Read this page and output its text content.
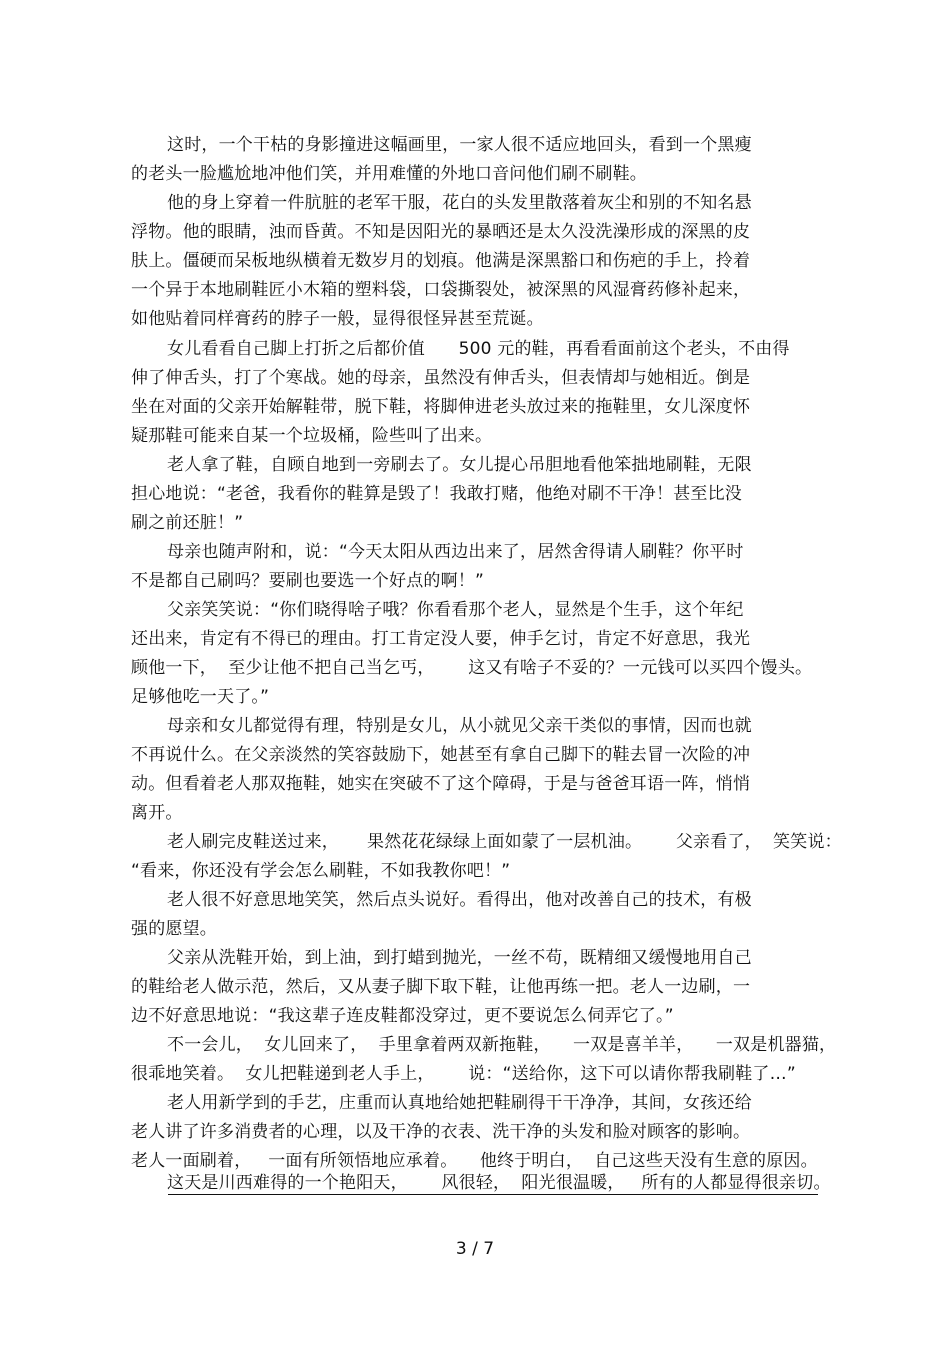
这时，一个干枯的身影撞进这幅画里，一家人很不适应地回头，看到一个黑瘦
的老头一脸尴尬地冲他们笑，并用难懂的外地口音问他们刷不刷鞋。
他的身上穿着一件肮脏的老军干服，花白的头发里散落着灰尘和别的不知名悬
浮物。他的眼睛，浊而昏黄。不知是因阳光的暴晒还是太久没洗澡形成的深黑的皮
肤上。僵硬而呆板地纵横着无数岁月的划痕。他满是深黑豁口和伤疤的手上，拎着
一个异于本地刷鞋匠小木箱的塑料袋，口袋撕裂处，被深黑的风湿膏药修补起来，
如他贴着同样膏药的脖子一般，显得很怪异甚至荒诞。
女儿看看自己脚上打折之后都价值      500 元的鞋，再看看面前这个老头，不由得
伸了伸舌头，打了个寒战。她的母亲，虽然没有伸舌头，但表情却与她相近。倒是
坐在对面的父亲开始解鞋带，脱下鞋，将脚伸进老头放过来的拖鞋里，女儿深度怀
疑那鞋可能来自某一个垃圾桶，险些叫了出来。
老人拿了鞋，自顾自地到一旁刷去了。女儿提心吊胆地看他笨拙地刷鞋，无限
担心地说：“老爸，我看你的鞋算是毁了！我敢打赌，他绝对刷不干净！甚至比没
刷之前还脏！”
母亲也随声附和，说：“今天太阳从西边出来了，居然舍得请人刷鞋？你平时
不是都自己刷吗？要刷也要选一个好点的啊！”
父亲笑笑说：“你们晓得啥子哦？你看看那个老人，显然是个生手，这个年纪
还出来，肯定有不得已的理由。打工肯定没人要，伸手乞讨，肯定不好意思，我光
顾他一下，  至少让他不把自己当乞丐，      这又有啥子不妥的？一元钱可以买四个馒头。
足够他吃一天了。”
母亲和女儿都觉得有理，特别是女儿，从小就见父亲干类似的事情，因而也就
不再说什么。在父亲淡然的笑容鼓励下，她甚至有拿自己脚下的鞋去冒一次险的冲
动。但看着老人那双拖鞋，她实在突破不了这个障碍，于是与爸爸耳语一阵，悄悄
离开。
老人刷完皮鞋送过来，     果然花花绿绿上面如蒙了一层机油。      父亲看了，  笑笑说：
“看来，你还没有学会怎么刷鞋，不如我教你吧！”
老人很不好意思地笑笑，然后点头说好。看得出，他对改善自己的技术，有极
强的愿望。
父亲从洗鞋开始，到上油，到打蜡到抛光，一丝不苟，既精细又缓慢地用自己
的鞋给老人做示范，然后，又从妻子脚下取下鞋，让他再练一把。老人一边刷，一
边不好意思地说：“我这辈子连皮鞋都没穿过，更不要说怎么伺弄它了。”
不一会儿，  女儿回来了，  手里拿着两双新拖鞋，    一双是喜羊羊，    一双是机器猫，
很乖地笑着。  女儿把鞋递到老人手上，      说：“送给你，这下可以请你帮我刷鞋了…”
老人用新学到的手艺，庄重而认真地给她把鞋刷得干干净净，其间，女孩还给
老人讲了许多消费者的心理，以及干净的衣表、洗干净的头发和脸对顾客的影响。
老人一面刷着，   一面有所领悟地应承着。    他终于明白，  自己这些天没有生意的原因。
这天是川西难得的一个艳阳天，      风很轻，  阳光很温暖，   所有的人都显得很亲切。
3 / 7
